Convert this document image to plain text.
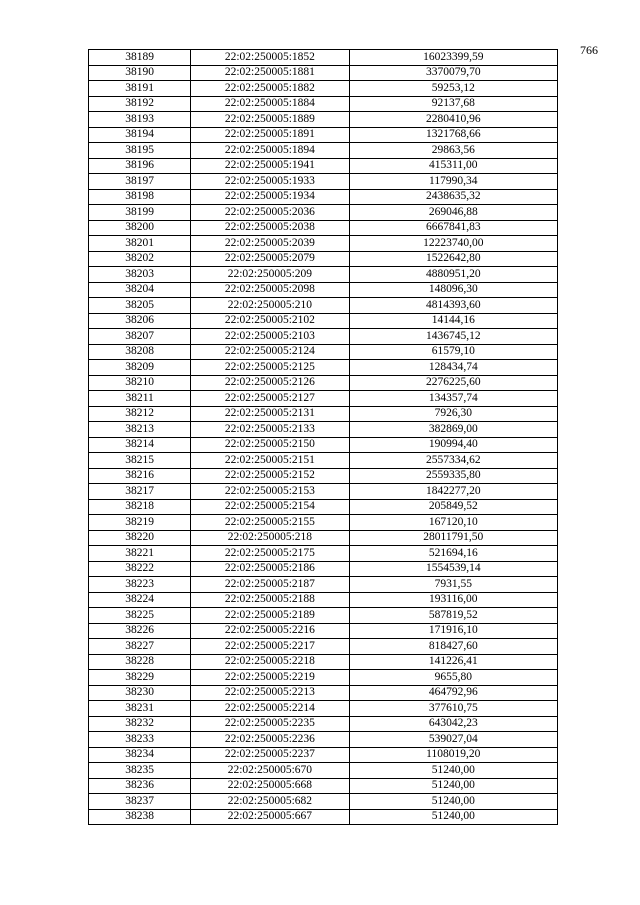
766
38189	22:02:250005:1852	16023399,59
38190	22:02:250005:1881	3370079,70
38191	22:02:250005:1882	59253,12
38192	22:02:250005:1884	92137,68
38193	22:02:250005:1889	2280410,96
38194	22:02:250005:1891	1321768,66
38195	22:02:250005:1894	29863,56
38196	22:02:250005:1941	415311,00
38197	22:02:250005:1933	117990,34
38198	22:02:250005:1934	2438635,32
38199	22:02:250005:2036	269046,88
38200	22:02:250005:2038	6667841,83
38201	22:02:250005:2039	12223740,00
38202	22:02:250005:2079	1522642,80
38203	22:02:250005:209	4880951,20
38204	22:02:250005:2098	148096,30
38205	22:02:250005:210	4814393,60
38206	22:02:250005:2102	14144,16
38207	22:02:250005:2103	1436745,12
38208	22:02:250005:2124	61579,10
38209	22:02:250005:2125	128434,74
38210	22:02:250005:2126	2276225,60
38211	22:02:250005:2127	134357,74
38212	22:02:250005:2131	7926,30
38213	22:02:250005:2133	382869,00
38214	22:02:250005:2150	190994,40
38215	22:02:250005:2151	2557334,62
38216	22:02:250005:2152	2559335,80
38217	22:02:250005:2153	1842277,20
38218	22:02:250005:2154	205849,52
38219	22:02:250005:2155	167120,10
38220	22:02:250005:218	28011791,50
38221	22:02:250005:2175	521694,16
38222	22:02:250005:2186	1554539,14
38223	22:02:250005:2187	7931,55
38224	22:02:250005:2188	193116,00
38225	22:02:250005:2189	587819,52
38226	22:02:250005:2216	171916,10
38227	22:02:250005:2217	818427,60
38228	22:02:250005:2218	141226,41
38229	22:02:250005:2219	9655,80
38230	22:02:250005:2213	464792,96
38231	22:02:250005:2214	377610,75
38232	22:02:250005:2235	643042,23
38233	22:02:250005:2236	539027,04
38234	22:02:250005:2237	1108019,20
38235	22:02:250005:670	51240,00
38236	22:02:250005:668	51240,00
38237	22:02:250005:682	51240,00
38238	22:02:250005:667	51240,00
